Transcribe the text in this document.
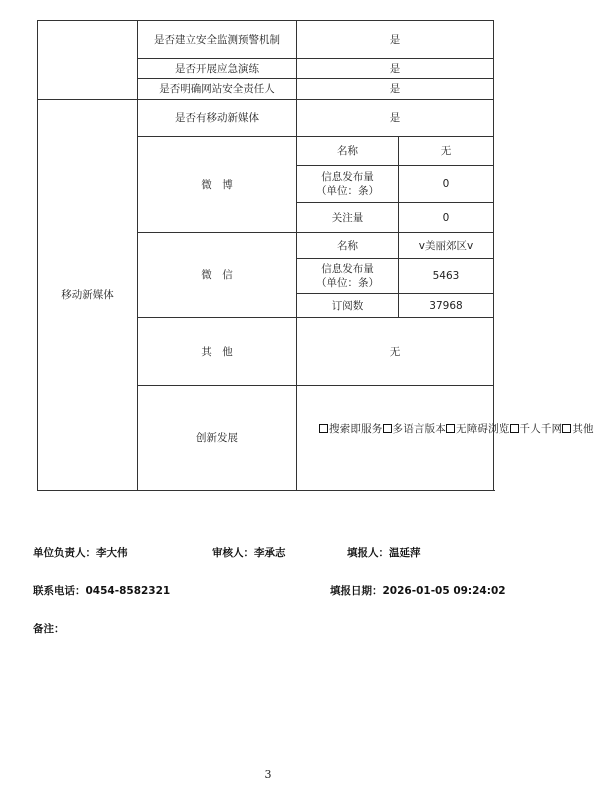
	是否建立安全监测预警机制	是	
	是否开展应急演练	是	
	是否明确网站安全责任人	是	
移动新媒体	是否有移动新媒体	是	
	微　博	名称	无
		信息发布量（单位：条）	0
		关注量	0
	微　信	名称	v美丽郊区v
		信息发布量（单位：条）	5463
		订阅数	37968
	其　他	无	
	创新发展	搜索即服务 多语言版本 无障碍浏览 千人千网 其他	
单位负责人：李大伟	审核人：李承志	填报人：温延萍
联系电话：0454-8582321	填报日期：2026-01-05 09:24:02
备注：
3
